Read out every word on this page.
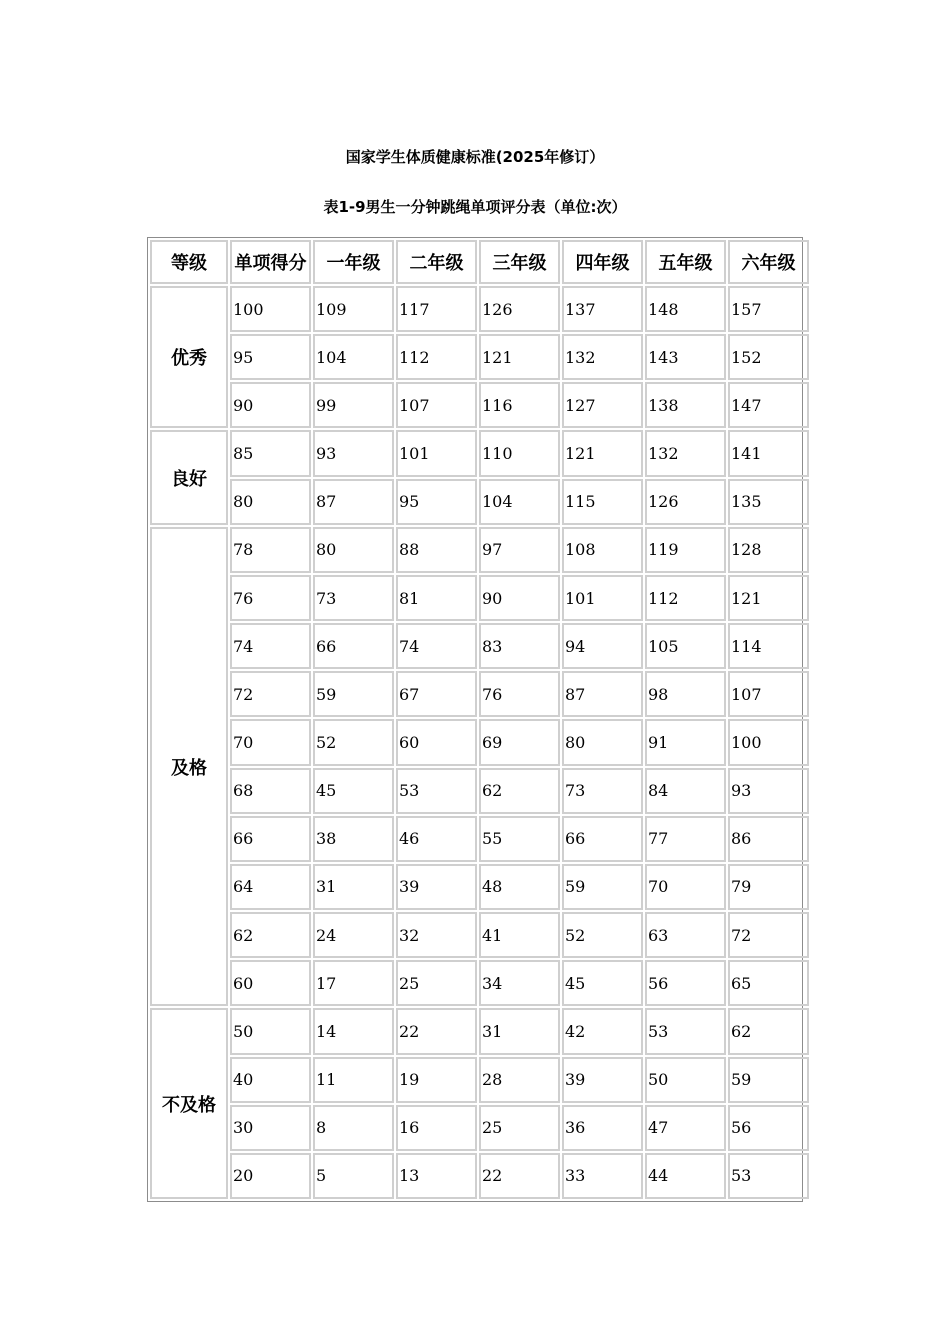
国家学生体质健康标准(2025年修订）
表1-9男生一分钟跳绳单项评分表（单位:次）
等级	单项得分	一年级	二年级	三年级	四年级	五年级	六年级
优秀	100	109	117	126	137	148	157
	95	104	112	121	132	143	152
	90	99	107	116	127	138	147
良好	85	93	101	110	121	132	141
	80	87	95	104	115	126	135
及格	78	80	88	97	108	119	128
	76	73	81	90	101	112	121
	74	66	74	83	94	105	114
	72	59	67	76	87	98	107
	70	52	60	69	80	91	100
	68	45	53	62	73	84	93
	66	38	46	55	66	77	86
	64	31	39	48	59	70	79
	62	24	32	41	52	63	72
	60	17	25	34	45	56	65
不及格	50	14	22	31	42	53	62
	40	11	19	28	39	50	59
	30	8	16	25	36	47	56
	20	5	13	22	33	44	53
